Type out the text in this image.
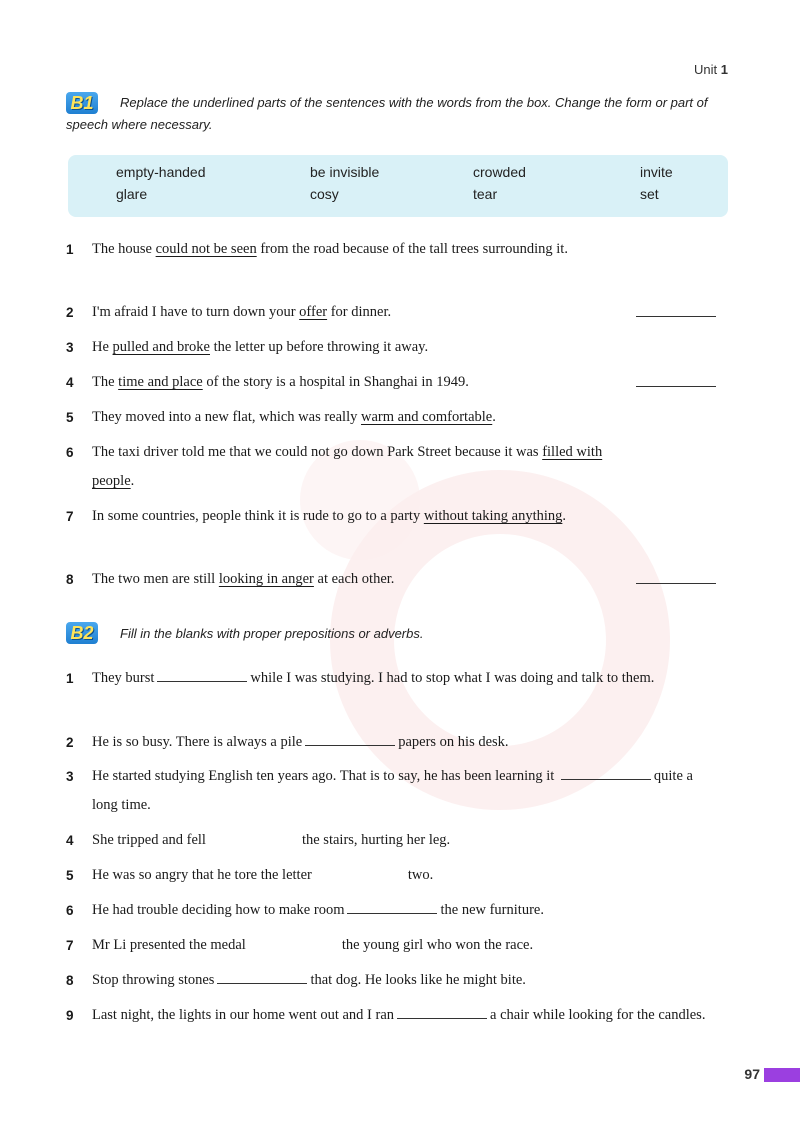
Unit 1
B1	Replace the underlined parts of the sentences with the words from the box. Change the form or part of speech where necessary.

empty-handed	be invisible	crowded	invite
glare	cosy	tear	set
1	The house could not be seen from the road because of the tall trees surrounding it.
2	I'm afraid I have to turn down your offer for dinner.
3	He pulled and broke the letter up before throwing it away.
4	The time and place of the story is a hospital in Shanghai in 1949.
5	They moved into a new flat, which was really warm and comfortable.
6	The taxi driver told me that we could not go down Park Street because it was filled with people.
7	In some countries, people think it is rude to go to a party without taking anything.
8	The two men are still looking in anger at each other.
B2	Fill in the blanks with proper prepositions or adverbs.

1	They burst	while I was studying. I had to stop what I was doing and talk to them.
2	He is so busy. There is always a pile	papers on his desk.
3	He started studying English ten years ago. That is to say, he has been learning it	quite a long time.
4	She tripped and fell	the stairs, hurting her leg.
5	He was so angry that he tore the letter	two.
6	He had trouble deciding how to make room	the new furniture.
7	Mr Li presented the medal	the young girl who won the race.
8	Stop throwing stones	that dog. He looks like he might bite.
9	Last night, the lights in our home went out and I ran	a chair while looking for the candles.
97
